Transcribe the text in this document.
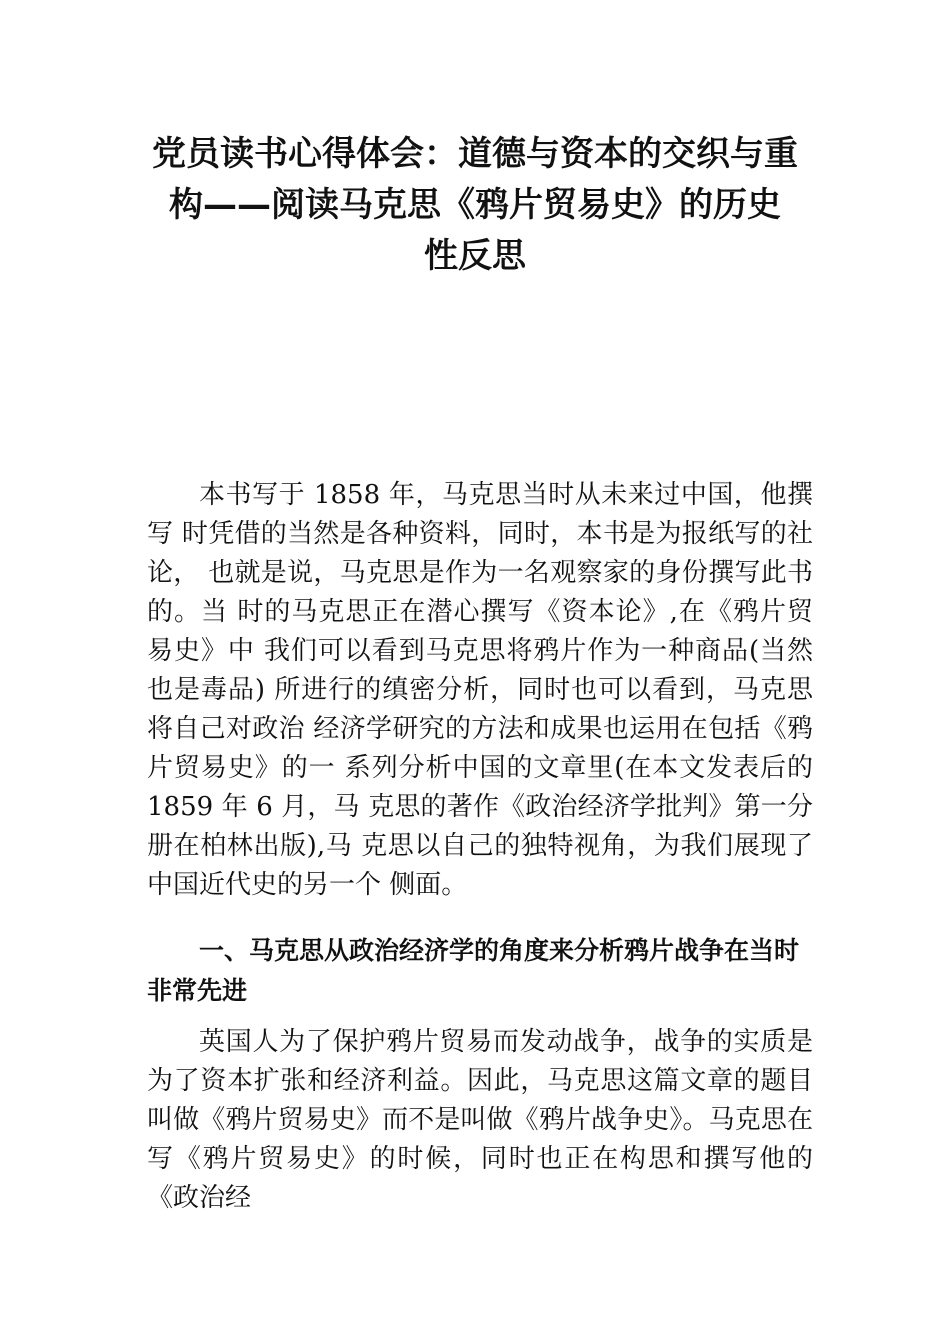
党员读书心得体会：道德与资本的交织与重
构——阅读马克思《鸦片贸易史》的历史
性反思

本书写于 1858 年，马克思当时从未来过中国，他撰写 时凭借的当然是各种资料，同时，本书是为报纸写的社论， 也就是说，马克思是作为一名观察家的身份撰写此书的。当 时的马克思正在潜心撰写《资本论》,在《鸦片贸易史》中 我们可以看到马克思将鸦片作为一种商品(当然也是毒品) 所进行的缜密分析，同时也可以看到，马克思将自己对政治 经济学研究的方法和成果也运用在包括《鸦片贸易史》的一 系列分析中国的文章里(在本文发表后的 1859 年 6 月，马 克思的著作《政治经济学批判》第一分册在柏林出版),马 克思以自己的独特视角，为我们展现了中国近代史的另一个 侧面。

一、马克思从政治经济学的角度来分析鸦片战争在当时非常先进

英国人为了保护鸦片贸易而发动战争，战争的实质是为了资本扩张和经济利益。因此，马克思这篇文章的题目叫做《鸦片贸易史》而不是叫做《鸦片战争史》。马克思在写《鸦片贸易史》的时候，同时也正在构思和撰写他的《政治经
